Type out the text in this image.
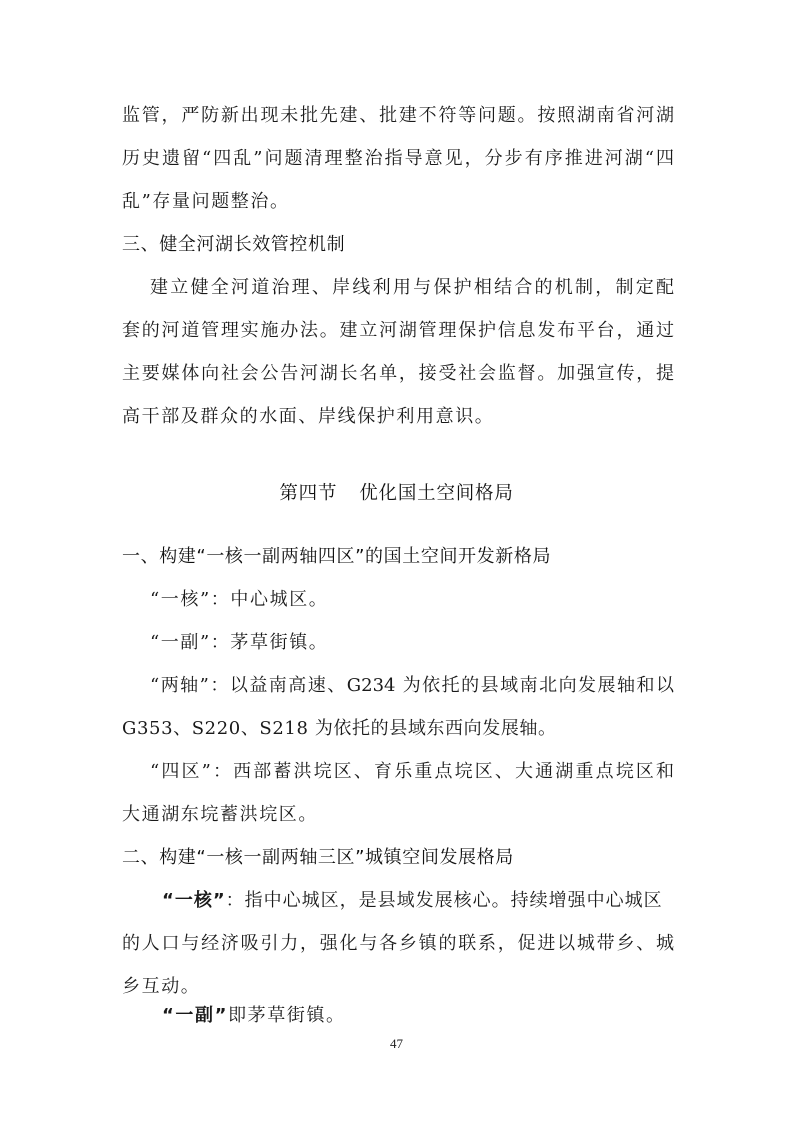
监管，严防新出现未批先建、批建不符等问题。按照湖南省河湖
历史遗留“四乱”问题清理整治指导意见，分步有序推进河湖“四
乱”存量问题整治。
三、健全河湖长效管控机制
建立健全河道治理、岸线利用与保护相结合的机制，制定配
套的河道管理实施办法。建立河湖管理保护信息发布平台，通过
主要媒体向社会公告河湖长名单，接受社会监督。加强宣传，提
高干部及群众的水面、岸线保护利用意识。
第四节 优化国土空间格局
一、构建“一核一副两轴四区”的国土空间开发新格局
“一核”：中心城区。
“一副”：茅草街镇。
“两轴”：以益南高速、G234 为依托的县域南北向发展轴和以
G353、S220、S218 为依托的县域东西向发展轴。
“四区”：西部蓄洪垸区、育乐重点垸区、大通湖重点垸区和
大通湖东垸蓄洪垸区。
二、构建“一核一副两轴三区”城镇空间发展格局
“一核”：指中心城区，是县域发展核心。持续增强中心城区
的人口与经济吸引力，强化与各乡镇的联系，促进以城带乡、城
乡互动。
“一副”即茅草街镇。
47
